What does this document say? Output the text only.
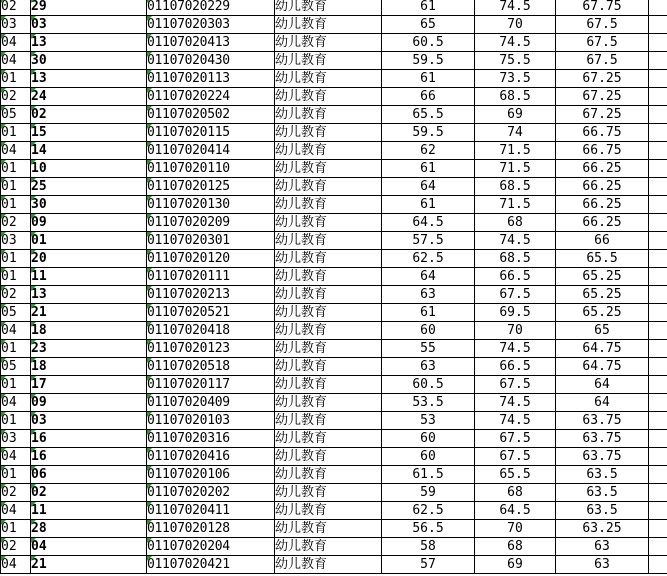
02	29	01107020229	幼儿教育	61	74.5	67.75	

03	03	01107020303	幼儿教育	65	70	67.5	

04	13	01107020413	幼儿教育	60.5	74.5	67.5	

04	30	01107020430	幼儿教育	59.5	75.5	67.5	

01	13	01107020113	幼儿教育	61	73.5	67.25	

02	24	01107020224	幼儿教育	66	68.5	67.25	

05	02	01107020502	幼儿教育	65.5	69	67.25	

01	15	01107020115	幼儿教育	59.5	74	66.75	

04	14	01107020414	幼儿教育	62	71.5	66.75	

01	10	01107020110	幼儿教育	61	71.5	66.25	

01	25	01107020125	幼儿教育	64	68.5	66.25	

01	30	01107020130	幼儿教育	61	71.5	66.25	

02	09	01107020209	幼儿教育	64.5	68	66.25	

03	01	01107020301	幼儿教育	57.5	74.5	66	

01	20	01107020120	幼儿教育	62.5	68.5	65.5	

01	11	01107020111	幼儿教育	64	66.5	65.25	

02	13	01107020213	幼儿教育	63	67.5	65.25	

05	21	01107020521	幼儿教育	61	69.5	65.25	

04	18	01107020418	幼儿教育	60	70	65	

01	23	01107020123	幼儿教育	55	74.5	64.75	

05	18	01107020518	幼儿教育	63	66.5	64.75	

01	17	01107020117	幼儿教育	60.5	67.5	64	

04	09	01107020409	幼儿教育	53.5	74.5	64	

01	03	01107020103	幼儿教育	53	74.5	63.75	

03	16	01107020316	幼儿教育	60	67.5	63.75	

04	16	01107020416	幼儿教育	60	67.5	63.75	

01	06	01107020106	幼儿教育	61.5	65.5	63.5	

02	02	01107020202	幼儿教育	59	68	63.5	

04	11	01107020411	幼儿教育	62.5	64.5	63.5	

01	28	01107020128	幼儿教育	56.5	70	63.25	

02	04	01107020204	幼儿教育	58	68	63	

04	21	01107020421	幼儿教育	57	69	63	
